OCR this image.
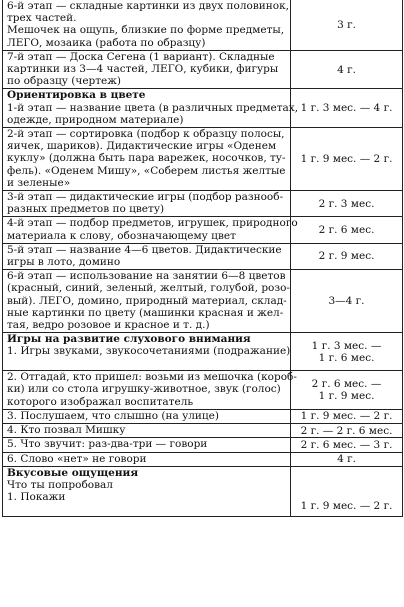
6-й этап — складные картинки из двух половинок,
трех частей.
Мешочек на ощупь, близкие по форме предметы,
ЛЕГО, мозаика (работа по образцу)	3 г.

7-й этап — Доска Сегена (1 вариант). Складные
картинки из 3—4 частей, ЛЕГО, кубики, фигуры
по образцу (чертеж)	4 г.

Ориентировка в цвете
1-й этап — название цвета (в различных предметах,
одежде, природном материале)	1 г. 3 мес. — 4 г.

2-й этап — сортировка (подбор к образцу полосы,
яичек, шариков). Дидактические игры «Оденем
куклу» (должна быть пара варежек, носочков, ту-
фель). «Оденем Мишу», «Соберем листья желтые
и зеленые»	1 г. 9 мес. — 2 г.

3-й этап — дидактические игры (подбор разнооб-
разных предметов по цвету)	2 г. 3 мес.

4-й этап — подбор предметов, игрушек, природного
материала к слову, обозначающему цвет	2 г. 6 мес.

5-й этап — название 4—6 цветов. Дидактические
игры в лото, домино	2 г. 9 мес.

6-й этап — использование на занятии 6—8 цветов
(красный, синий, зеленый, желтый, голубой, розо-
вый). ЛЕГО, домино, природный материал, склад-
ные картинки по цвету (машинки красная и жел-
тая, ведро розовое и красное и т. д.)	3—4 г.

Игры на развитие слухового внимания
1. Игры звуками, звукосочетаниями (подражание)	1 г. 3 мес. —
1 г. 6 мес.

2. Отгадай, кто пришел: возьми из мешочка (короб-
ки) или со стола игрушку-животное, звук (голос)
которого изображал воспитатель	2 г. 6 мес. —
1 г. 9 мес.

3. Послушаем, что слышно (на улице)	1 г. 9 мес. — 2 г.

4. Кто позвал Мишку	2 г. — 2 г. 6 мес.

5. Что звучит: раз-два-три — говори	2 г. 6 мес. — 3 г.

6. Слово «нет» не говори	4 г.

Вкусовые ощущения
Что ты попробовал
1. Покажи	1 г. 9 мес. — 2 г.
